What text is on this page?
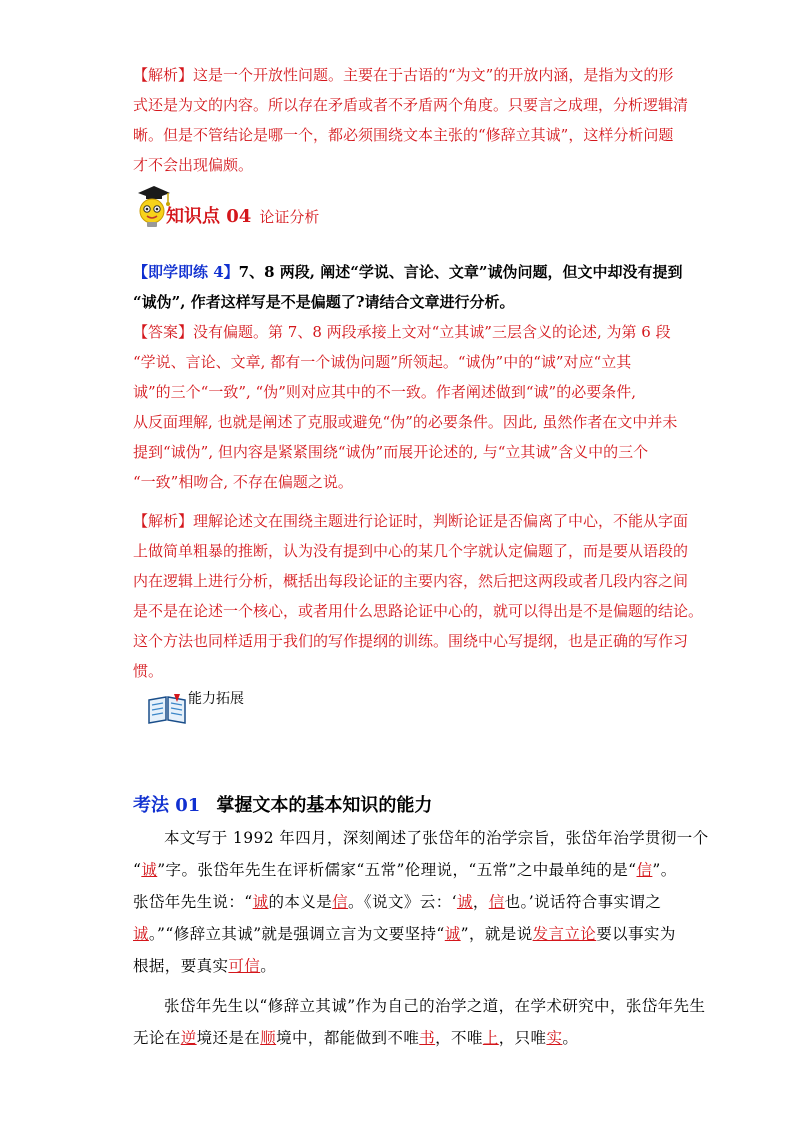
【解析】这是一个开放性问题。主要在于古语的“为文”的开放内涵，是指为文的形
式还是为文的内容。所以存在矛盾或者不矛盾两个角度。只要言之成理，分析逻辑清
晰。但是不管结论是哪一个，都必须围绕文本主张的“修辞立其诚”，这样分析问题
才不会出现偏颇。
知识点 04 论证分析
【即学即练 4】7、8 两段, 阐述“学说、言论、文章”诚伪问题，但文中却没有提到
“诚伪”, 作者这样写是不是偏题了?请结合文章进行分析。
【答案】没有偏题。第 7、8 两段承接上文对“立其诚”三层含义的论述, 为第 6 段
“学说、言论、文章, 都有一个诚伪问题”所领起。“诚伪”中的“诚”对应“立其
诚”的三个“一致”, “伪”则对应其中的不一致。作者阐述做到“诚”的必要条件,
从反面理解, 也就是阐述了克服或避免“伪”的必要条件。因此, 虽然作者在文中并未
提到“诚伪”, 但内容是紧紧围绕“诚伪”而展开论述的, 与“立其诚”含义中的三个
“一致”相吻合, 不存在偏题之说。
【解析】理解论述文在围绕主题进行论证时，判断论证是否偏离了中心，不能从字面
上做简单粗暴的推断，认为没有提到中心的某几个字就认定偏题了，而是要从语段的
内在逻辑上进行分析，概括出每段论证的主要内容，然后把这两段或者几段内容之间
是不是在论述一个核心，或者用什么思路论证中心的，就可以得出是不是偏题的结论。
这个方法也同样适用于我们的写作提纲的训练。围绕中心写提纲，也是正确的写作习
惯。
能力拓展
考法 01 掌握文本的基本知识的能力
本文写于 1992 年四月，深刻阐述了张岱年的治学宗旨，张岱年治学贯彻一个
“诚”字。张岱年先生在评析儒家“五常”伦理说，“五常”之中最单纯的是“信”。
张岱年先生说：“诚的本义是信。《说文》云：‘诚，信也。’说话符合事实谓之
诚。”“修辞立其诚”就是强调立言为文要坚持“诚”，就是说发言立论要以事实为
根据，要真实可信。
张岱年先生以“修辞立其诚”作为自己的治学之道，在学术研究中，张岱年先生
无论在逆境还是在顺境中，都能做到不唯书，不唯上，只唯实。
